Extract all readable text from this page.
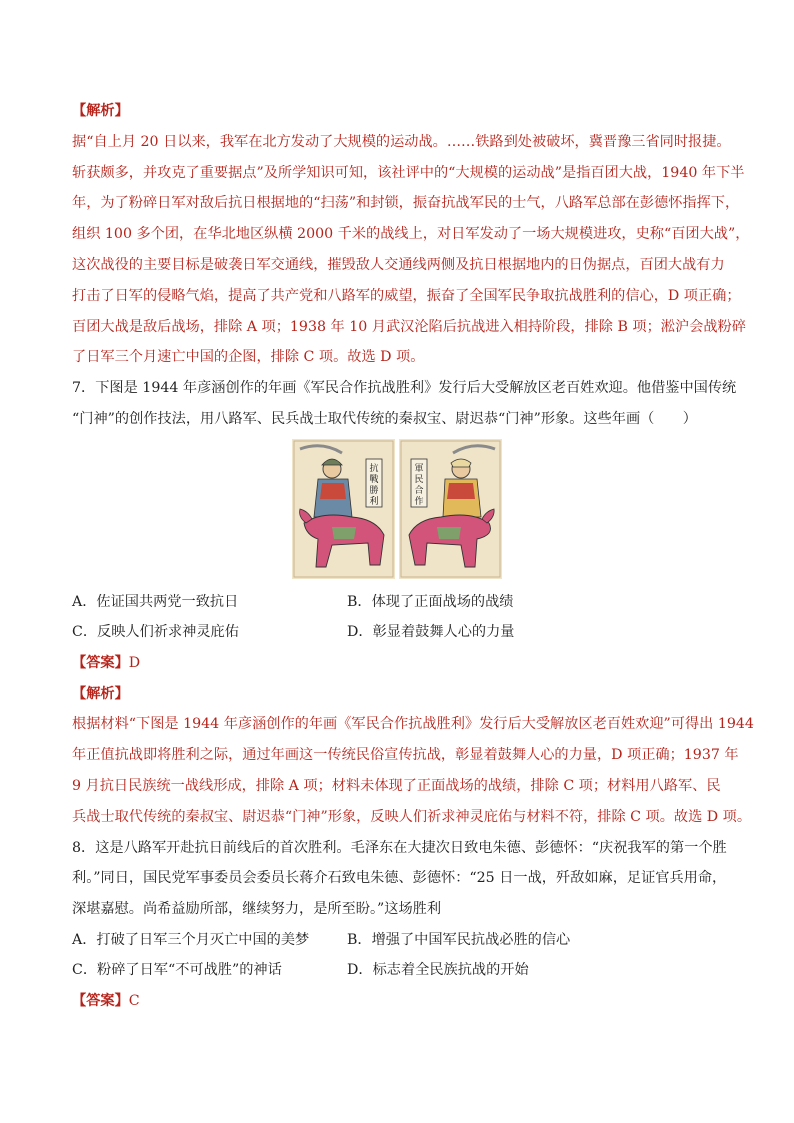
【解析】
据“自上月 20 日以来，我军在北方发动了大规模的运动战。……铁路到处被破坏，冀晋豫三省同时报捷。
斩获颇多，并攻克了重要据点”及所学知识可知，该社评中的“大规模的运动战”是指百团大战，1940 年下半
年，为了粉碎日军对敌后抗日根据地的“扫荡”和封锁，振奋抗战军民的士气，八路军总部在彭德怀指挥下，
组织 100 多个团，在华北地区纵横 2000 千米的战线上，对日军发动了一场大规模进攻，史称“百团大战”，
这次战役的主要目标是破袭日军交通线，摧毁敌人交通线两侧及抗日根据地内的日伪据点，百团大战有力
打击了日军的侵略气焰，提高了共产党和八路军的威望，振奋了全国军民争取抗战胜利的信心，D 项正确；
百团大战是敌后战场，排除 A 项；1938 年 10 月武汉沦陷后抗战进入相持阶段，排除 B 项；淞沪会战粉碎
了日军三个月速亡中国的企图，排除 C 项。故选 D 项。
7．下图是 1944 年彦涵创作的年画《军民合作抗战胜利》发行后大受解放区老百姓欢迎。他借鉴中国传统
“门神”的创作技法，用八路军、民兵战士取代传统的秦叔宝、尉迟恭“门神”形象。这些年画（　　）
抗
戰
勝
利
軍
民
合
作
A．佐证国共两党一致抗日	B．体现了正面战场的战绩
C．反映人们祈求神灵庇佑	D．彰显着鼓舞人心的力量
【答案】D
【解析】
根据材料“下图是 1944 年彦涵创作的年画《军民合作抗战胜利》发行后大受解放区老百姓欢迎”可得出 1944
年正值抗战即将胜利之际，通过年画这一传统民俗宣传抗战，彰显着鼓舞人心的力量，D 项正确；1937 年
9 月抗日民族统一战线形成，排除 A 项；材料未体现了正面战场的战绩，排除 C 项；材料用八路军、民
兵战士取代传统的秦叔宝、尉迟恭“门神”形象，反映人们祈求神灵庇佑与材料不符，排除 C 项。故选 D 项。
8．这是八路军开赴抗日前线后的首次胜利。毛泽东在大捷次日致电朱德、彭德怀：“庆祝我军的第一个胜
利。”同日，国民党军事委员会委员长蒋介石致电朱德、彭德怀：“25 日一战，歼敌如麻，足证官兵用命，
深堪嘉慰。尚希益励所部，继续努力，是所至盼。”这场胜利
A．打破了日军三个月灭亡中国的美梦	B．增强了中国军民抗战必胜的信心
C．粉碎了日军“不可战胜”的神话	D．标志着全民族抗战的开始
【答案】C
